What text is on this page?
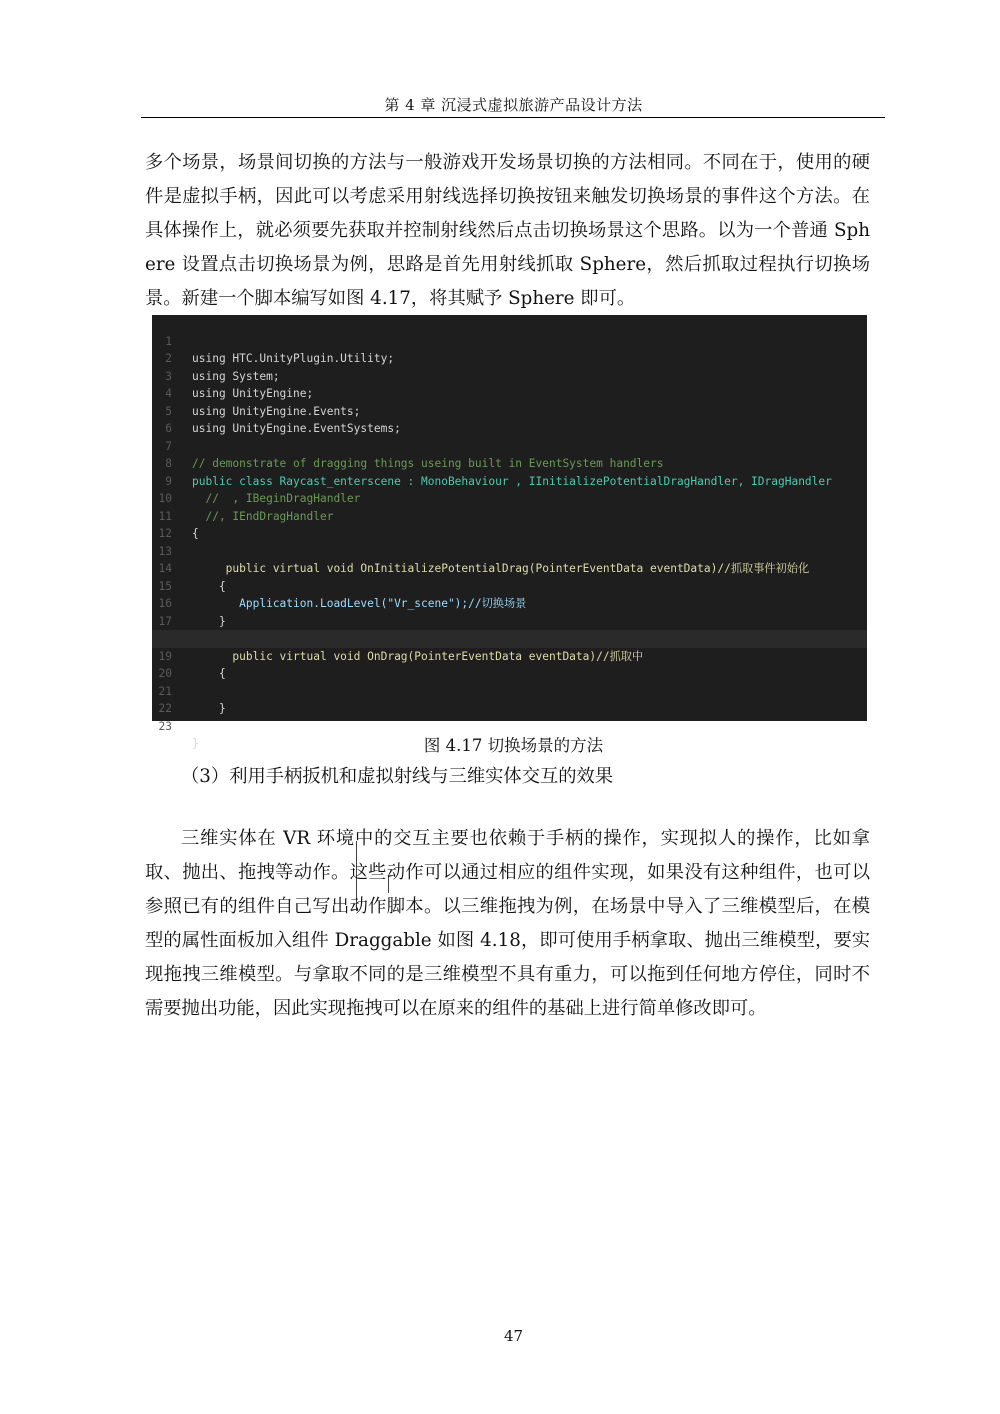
第 4 章 沉浸式虚拟旅游产品设计方法

多个场景，场景间切换的方法与一般游戏开发场景切换的方法相同。不同在于，使用的硬件是虚拟手柄，因此可以考虑采用射线选择切换按钮来触发切换场景的事件这个方法。在具体操作上，就必须要先获取并控制射线然后点击切换场景这个思路。以为一个普通 Sphere 设置点击切换场景为例，思路是首先用射线抓取 Sphere，然后抓取过程执行切换场景。新建一个脚本编写如图 4.17，将其赋予 Sphere 即可。

1

using HTC.UnityPlugin.Utility;

2

using System;

3

using UnityEngine;

4

using UnityEngine.Events;

5

using UnityEngine.EventSystems;

6

7

// demonstrate of dragging things useing built in EventSystem handlers

8

public class Raycast_enterscene : MonoBehaviour , IInitializePotentialDragHandler, IDragHandler

9

//  , IBeginDragHandler

10

//, IEndDragHandler

11

{

12

13

public virtual void OnInitializePotentialDrag(PointerEventData eventData)//抓取事件初始化

14

{

15

Application.LoadLevel("Vr_scene");//切换场景

16

}

17

public virtual void OnDrag(PointerEventData eventData)//抓取中

19

{

20

21

}

22

23

}

	图 4.17 切换场景的方法
（3）利用手柄扳机和虚拟射线与三维实体交互的效果

三维实体在 VR 环境中的交互主要也依赖于手柄的操作，实现拟人的操作，比如拿取、抛出、拖拽等动作。这些动作可以通过相应的组件实现，如果没有这种组件，也可以参照已有的组件自己写出动作脚本。以三维拖拽为例，在场景中导入了三维模型后，在模型的属性面板加入组件 Draggable 如图 4.18，即可使用手柄拿取、抛出三维模型，要实现拖拽三维模型。与拿取不同的是三维模型不具有重力，可以拖到任何地方停住，同时不需要抛出功能，因此实现拖拽可以在原来的组件的基础上进行简单修改即可。

47
